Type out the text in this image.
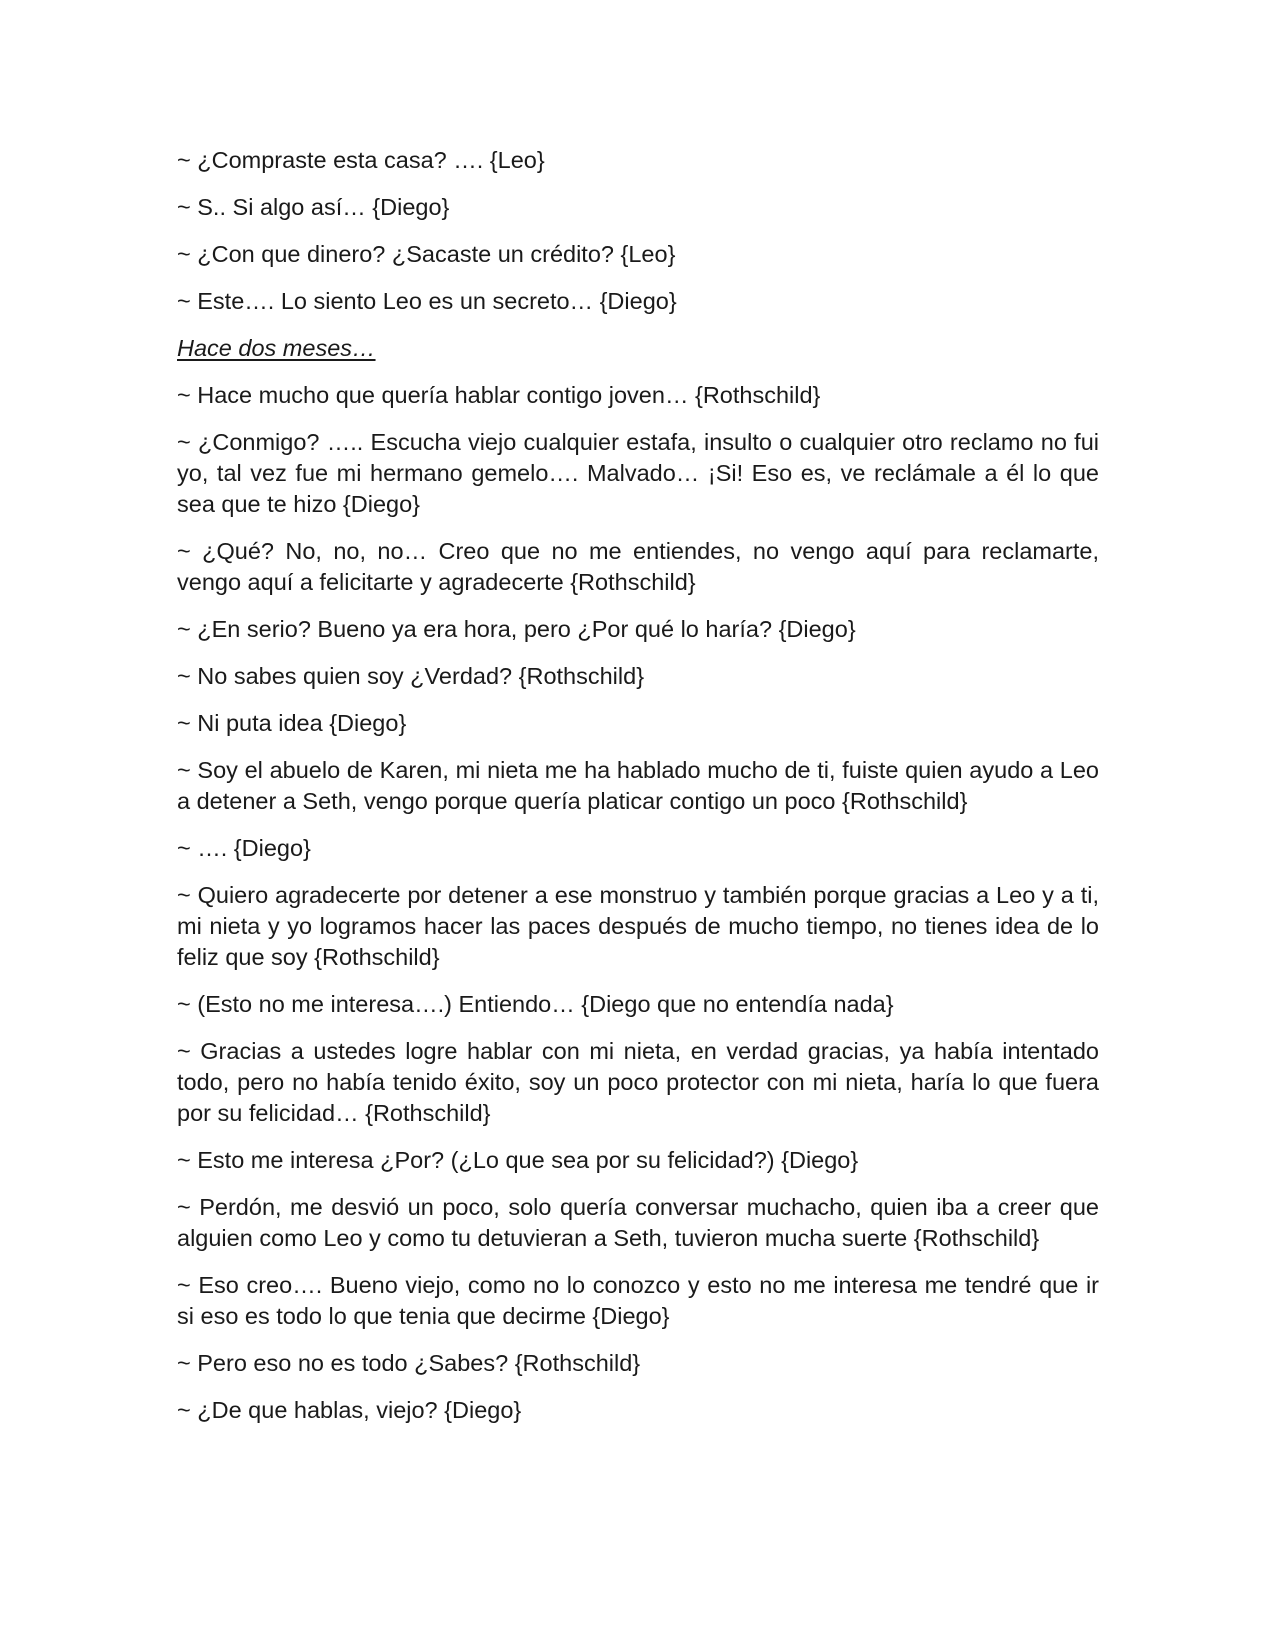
~ ¿Compraste esta casa? …. {Leo}

~ S.. Si algo así… {Diego}

~ ¿Con que dinero? ¿Sacaste un crédito? {Leo}

~ Este…. Lo siento Leo es un secreto… {Diego}

Hace dos meses…

~ Hace mucho que quería hablar contigo joven… {Rothschild}

~ ¿Conmigo? ….. Escucha viejo cualquier estafa, insulto o cualquier otro reclamo no fui yo, tal vez fue mi hermano gemelo…. Malvado… ¡Si! Eso es, ve reclámale a él lo que sea que te hizo {Diego}

~ ¿Qué? No, no, no… Creo que no me entiendes, no vengo aquí para reclamarte, vengo aquí a felicitarte y agradecerte {Rothschild}

~ ¿En serio? Bueno ya era hora, pero ¿Por qué lo haría? {Diego}

~ No sabes quien soy ¿Verdad? {Rothschild}

~ Ni puta idea {Diego}

~ Soy el abuelo de Karen, mi nieta me ha hablado mucho de ti, fuiste quien ayudo a Leo a detener a Seth, vengo porque quería platicar contigo un poco {Rothschild}

~ …. {Diego}

~ Quiero agradecerte por detener a ese monstruo y también porque gracias a Leo y a ti, mi nieta y yo logramos hacer las paces después de mucho tiempo, no tienes idea de lo feliz que soy {Rothschild}

~ (Esto no me interesa….) Entiendo… {Diego que no entendía nada}

~ Gracias a ustedes logre hablar con mi nieta, en verdad gracias, ya había intentado todo, pero no había tenido éxito, soy un poco protector con mi nieta, haría lo que fuera por su felicidad… {Rothschild}

~ Esto me interesa ¿Por? (¿Lo que sea por su felicidad?) {Diego}

~ Perdón, me desvió un poco, solo quería conversar muchacho, quien iba a creer que alguien como Leo y como tu detuvieran a Seth, tuvieron mucha suerte {Rothschild}

~ Eso creo…. Bueno viejo, como no lo conozco y esto no me interesa me tendré que ir si eso es todo lo que tenia que decirme {Diego}

~ Pero eso no es todo ¿Sabes? {Rothschild}

~ ¿De que hablas, viejo? {Diego}
